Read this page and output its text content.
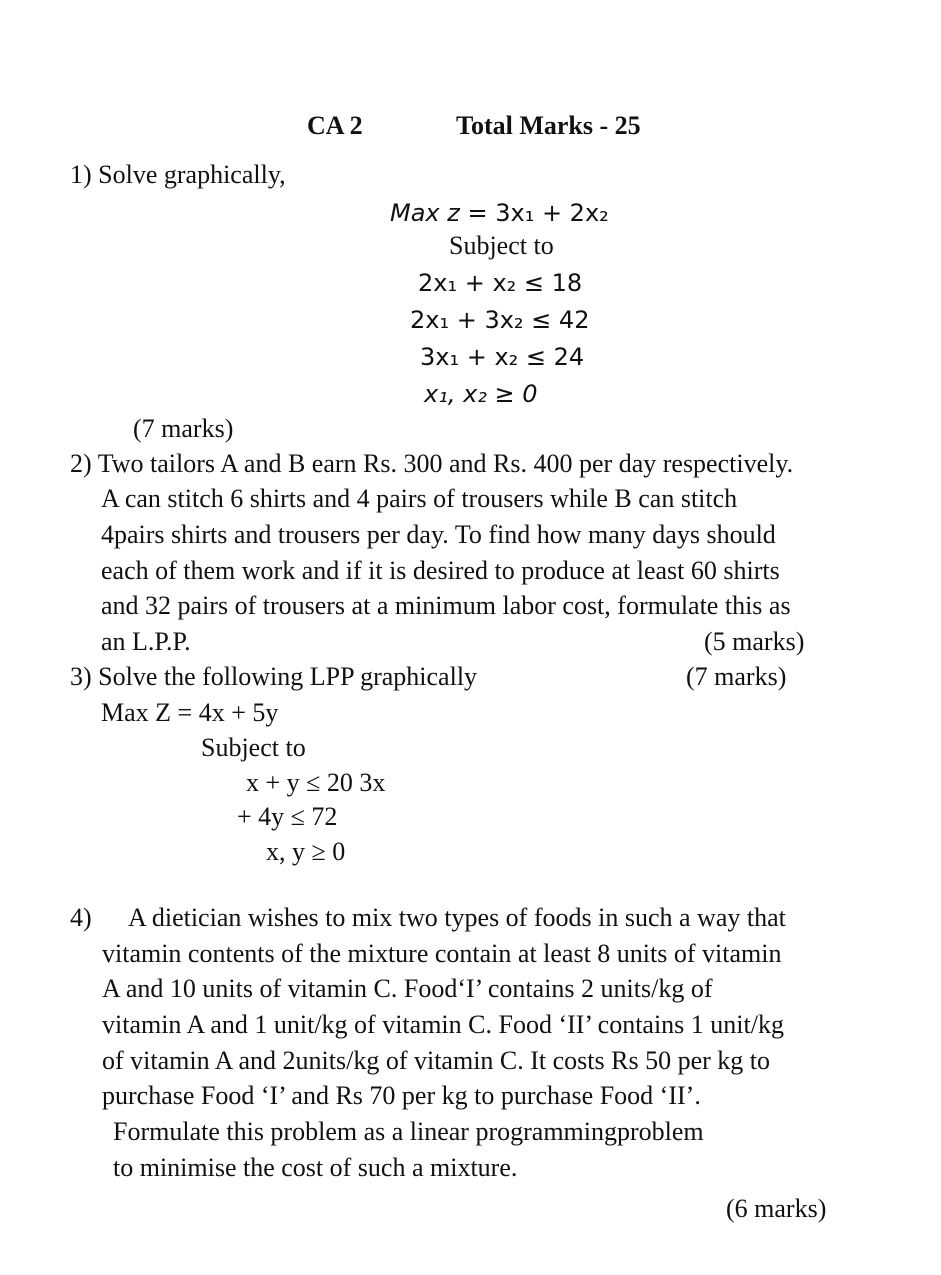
CA 2	Total Marks - 25
1) Solve graphically,
Max z = 3x₁ + 2x₂
Subject to
2x₁ + x₂ ≤ 18
2x₁ + 3x₂ ≤ 42
3x₁ + x₂ ≤ 24
x₁, x₂ ≥ 0
(7 marks)
2) Two tailors A and B earn Rs. 300 and Rs. 400 per day respectively.
A can stitch 6 shirts and 4 pairs of trousers while B can stitch
4pairs shirts and trousers per day. To find how many days should
each of them work and if it is desired to produce at least 60 shirts
and 32 pairs of trousers at a minimum labor cost, formulate this as
an L.P.P.	(5 marks)
3) Solve the following LPP graphically	(7 marks)
Max Z = 4x + 5y
Subject to
x + y ≤ 20 3x
+ 4y ≤ 72
x, y ≥ 0
4) A dietician wishes to mix two types of foods in such a way that
vitamin contents of the mixture contain at least 8 units of vitamin
A and 10 units of vitamin C. Food‘I’ contains 2 units/kg of
vitamin A and 1 unit/kg of vitamin C. Food ‘II’ contains 1 unit/kg
of vitamin A and 2units/kg of vitamin C. It costs Rs 50 per kg to
purchase Food ‘I’ and Rs 70 per kg to purchase Food ‘II’.
Formulate this problem as a linear programmingproblem
to minimise the cost of such a mixture.
(6 marks)
